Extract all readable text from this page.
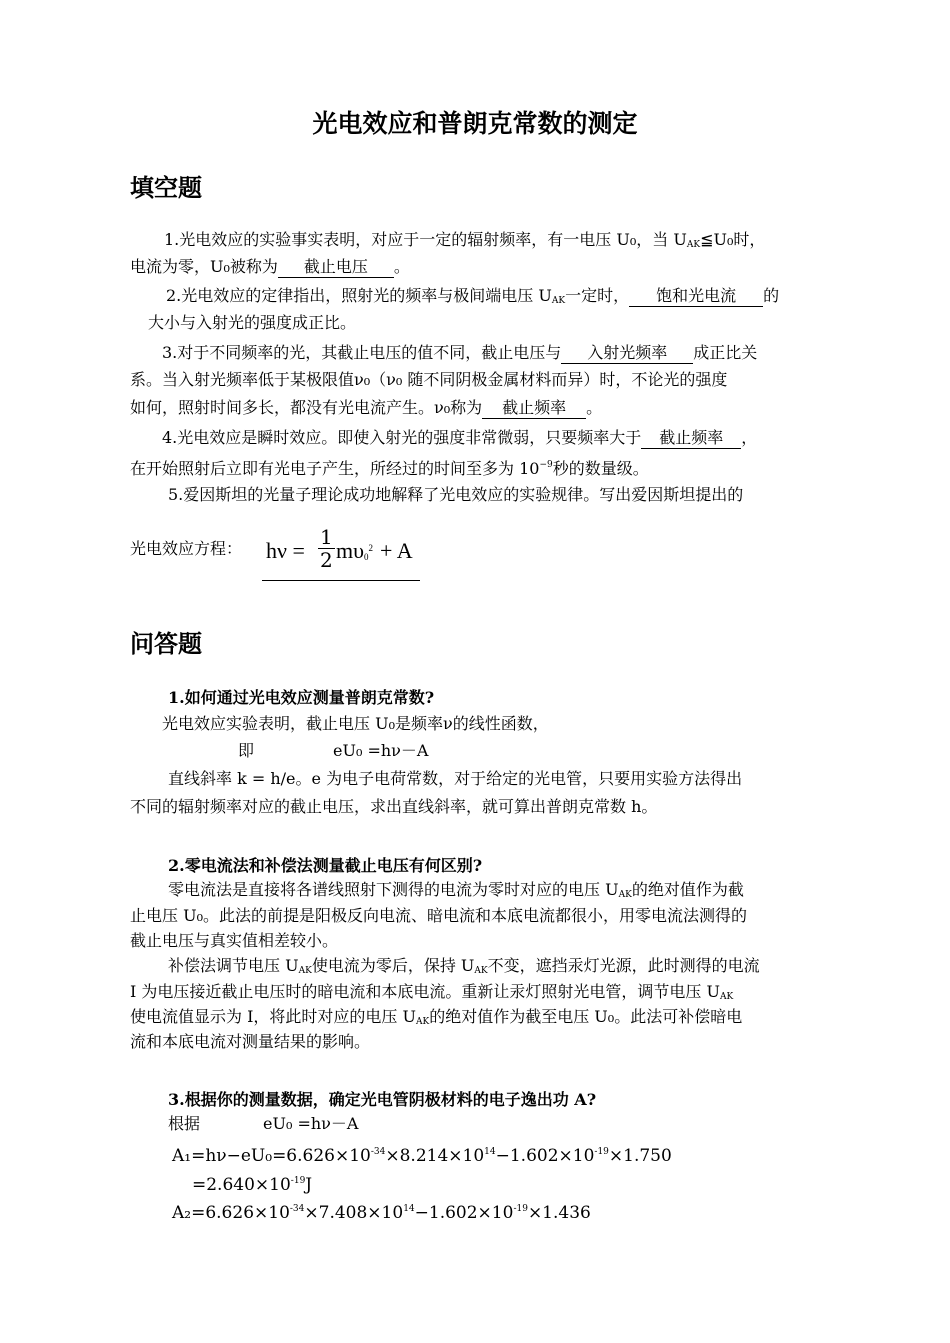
光电效应和普朗克常数的测定
填空题
1.光电效应的实验事实表明，对应于一定的辐射频率，有一电压 U₀，当 $U_{AK}≦U_0$时，
电流为零，U₀被称为 截止电压 。
2.光电效应的定律指出，照射光的频率与极间端电压 $U_{AK}$一定时， 饱和光电流 的
大小与入射光的强度成正比。
3.对于不同频率的光，其截止电压的值不同，截止电压与 入射光频率 成正比关
系。当入射光频率低于某极限值ν₀（ν₀ 随不同阴极金属材料而异）时，不论光的强度
如何，照射时间多长，都没有光电流产生。ν₀称为 截止频率 。
4.光电效应是瞬时效应。即使入射光的强度非常微弱，只要频率大于 截止频率 ，
在开始照射后立即有光电子产生，所经过的时间至多为 $10^{-9}$秒的数量级。
5.爱因斯坦的光量子理论成功地解释了光电效应的实验规律。写出爱因斯坦提出的
光电效应方程： $h\nu = \frac{1}{2} m\upsilon_0^2 + A$
问答题
1.如何通过光电效应测量普朗克常数?
光电效应实验表明，截止电压 U₀是频率ν的线性函数，
即	eU₀ =hν－A
直线斜率 k = h/e。e 为电子电荷常数，对于给定的光电管，只要用实验方法得出
不同的辐射频率对应的截止电压，求出直线斜率，就可算出普朗克常数 h。
2.零电流法和补偿法测量截止电压有何区别?
零电流法是直接将各谱线照射下测得的电流为零时对应的电压 $U_{AK}$的绝对值作为截
止电压 U₀。此法的前提是阳极反向电流、暗电流和本底电流都很小，用零电流法测得的
截止电压与真实值相差较小。
补偿法调节电压 $U_{AK}$使电流为零后，保持 $U_{AK}$不变，遮挡汞灯光源，此时测得的电流
I 为电压接近截止电压时的暗电流和本底电流。重新让汞灯照射光电管，调节电压 $U_{AK}$
使电流值显示为 I，将此时对应的电压 $U_{AK}$的绝对值作为截至电压 U₀。此法可补偿暗电
流和本底电流对测量结果的影响。
3.根据你的测量数据，确定光电管阴极材料的电子逸出功 A?
根据	eU₀ =hν－A
$A_1=h\nu-eU_0=6.626\times 10^{-34}\times 8.214\times 10^{14}-1.602\times 10^{-19}\times 1.750$
$=2.640\times 10^{-19}J$
$A_2=6.626\times 10^{-34}\times 7.408\times 10^{14}-1.602\times 10^{-19}\times 1.436$
